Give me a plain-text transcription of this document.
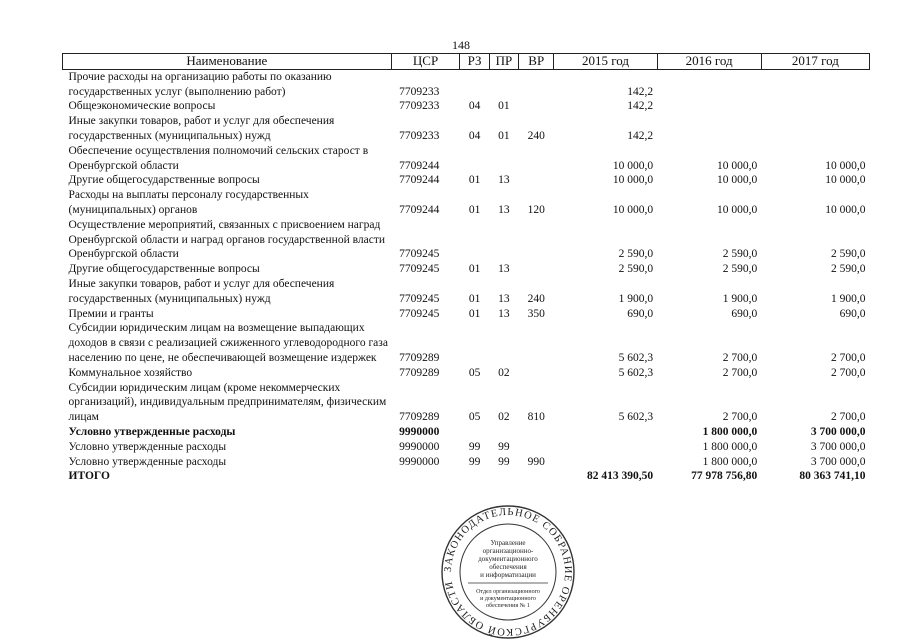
148
Наименование	ЦСР	РЗ	ПР	ВР	2015 год	2016 год	2017 год
Прочие расходы на организацию работы по оказанию государственных услуг (выполнению работ)	7709233				142,2		
Общеэкономические вопросы	7709233	04	01		142,2		
Иные закупки товаров, работ и услуг для обеспечения государственных (муниципальных) нужд	7709233	04	01	240	142,2		
Обеспечение осуществления полномочий сельских старост в Оренбургской области	7709244				10 000,0	10 000,0	10 000,0
Другие общегосударственные вопросы	7709244	01	13		10 000,0	10 000,0	10 000,0
Расходы на выплаты персоналу государственных (муниципальных) органов	7709244	01	13	120	10 000,0	10 000,0	10 000,0
Осуществление мероприятий, связанных с присвоением наград Оренбургской области и наград органов государственной власти Оренбургской области	7709245				2 590,0	2 590,0	2 590,0
Другие общегосударственные вопросы	7709245	01	13		2 590,0	2 590,0	2 590,0
Иные закупки товаров, работ и услуг для обеспечения государственных (муниципальных) нужд	7709245	01	13	240	1 900,0	1 900,0	1 900,0
Премии и гранты	7709245	01	13	350	690,0	690,0	690,0
Субсидии юридическим лицам на возмещение выпадающих доходов в связи с реализацией сжиженного углеводородного газа населению по цене, не обеспечивающей возмещение издержек	7709289				5 602,3	2 700,0	2 700,0
Коммунальное хозяйство	7709289	05	02		5 602,3	2 700,0	2 700,0
Субсидии юридическим лицам (кроме некоммерческих организаций), индивидуальным предпринимателям, физическим лицам	7709289	05	02	810	5 602,3	2 700,0	2 700,0
Условно утвержденные расходы	9990000					1 800 000,0	3 700 000,0
Условно утвержденные расходы	9990000	99	99			1 800 000,0	3 700 000,0
Условно утвержденные расходы	9990000	99	99	990		1 800 000,0	3 700 000,0
ИТОГО					82 413 390,50	77 978 756,80	80 363 741,10
ЗАКОНОДАТЕЛЬНОЕ СОБРАНИЕ ОРЕНБУРГСКОЙ ОБЛАСТИ
Управление
организационно-
документационного
обеспечения
и информатизации
Отдел организационного
и документационного
обеспечения № 1
